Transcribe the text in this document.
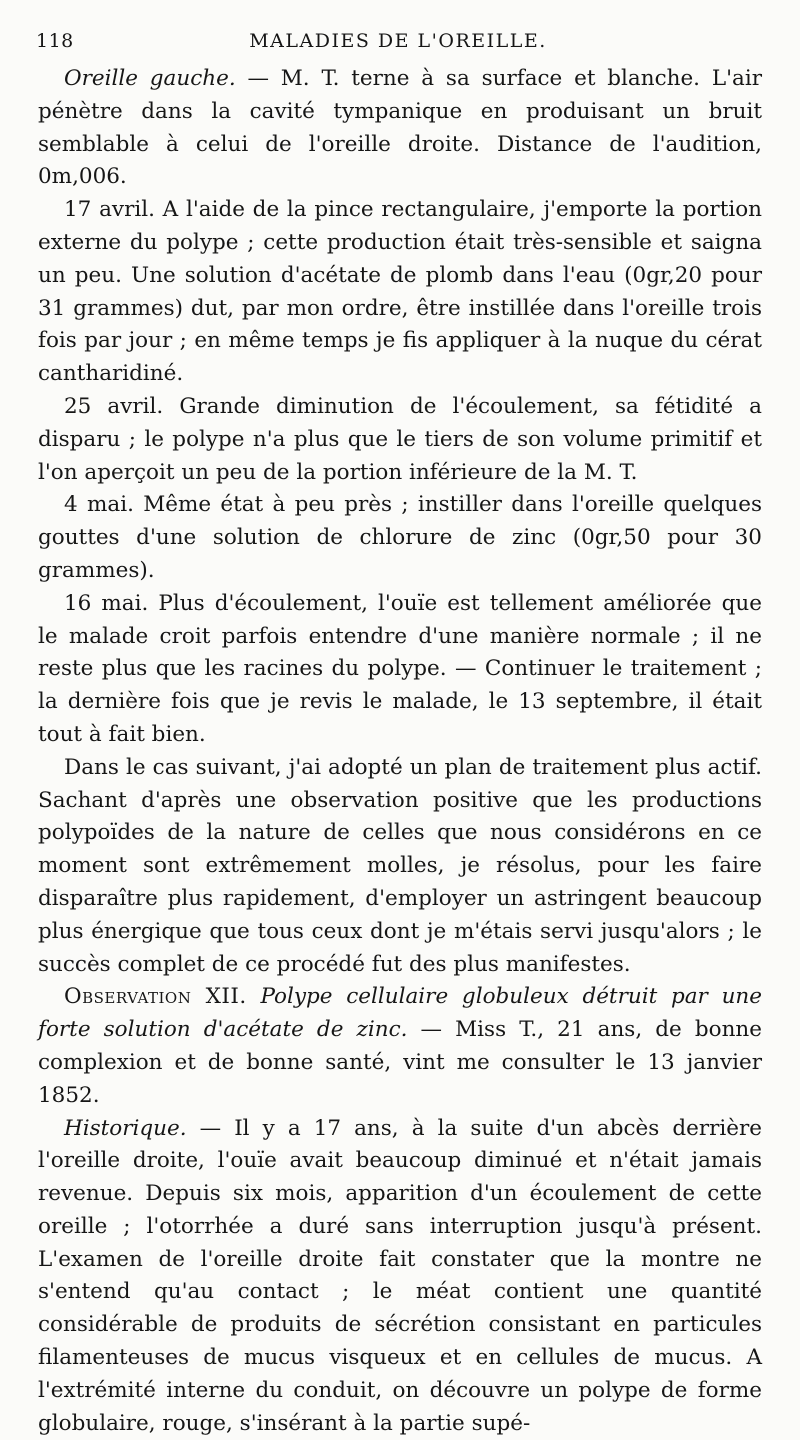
118	MALADIES DE L'OREILLE.

Oreille gauche. — M. T. terne à sa surface et blanche. L'air pénètre dans la cavité tympanique en produisant un bruit semblable à celui de l'oreille droite. Distance de l'audition, 0m,006.

17 avril. A l'aide de la pince rectangulaire, j'emporte la portion externe du polype ; cette production était très-sensible et saigna un peu. Une solution d'acétate de plomb dans l'eau (0gr,20 pour 31 grammes) dut, par mon ordre, être instillée dans l'oreille trois fois par jour ; en même temps je fis appliquer à la nuque du cérat cantharidiné.

25 avril. Grande diminution de l'écoulement, sa fétidité a disparu ; le polype n'a plus que le tiers de son volume primitif et l'on aperçoit un peu de la portion inférieure de la M. T.

4 mai. Même état à peu près ; instiller dans l'oreille quelques gouttes d'une solution de chlorure de zinc (0gr,50 pour 30 grammes).

16 mai. Plus d'écoulement, l'ouïe est tellement améliorée que le malade croit parfois entendre d'une manière normale ; il ne reste plus que les racines du polype. — Continuer le traitement ; la dernière fois que je revis le malade, le 13 septembre, il était tout à fait bien.

Dans le cas suivant, j'ai adopté un plan de traitement plus actif. Sachant d'après une observation positive que les productions polypoïdes de la nature de celles que nous considérons en ce moment sont extrêmement molles, je résolus, pour les faire disparaître plus rapidement, d'employer un astringent beaucoup plus énergique que tous ceux dont je m'étais servi jusqu'alors ; le succès complet de ce procédé fut des plus manifestes.

Observation XII. Polype cellulaire globuleux détruit par une forte solution d'acétate de zinc. — Miss T., 21 ans, de bonne complexion et de bonne santé, vint me consulter le 13 janvier 1852.

Historique. — Il y a 17 ans, à la suite d'un abcès derrière l'oreille droite, l'ouïe avait beaucoup diminué et n'était jamais revenue. Depuis six mois, apparition d'un écoulement de cette oreille ; l'otorrhée a duré sans interruption jusqu'à présent. L'examen de l'oreille droite fait constater que la montre ne s'entend qu'au contact ; le méat contient une quantité considérable de produits de sécrétion consistant en particules filamenteuses de mucus visqueux et en cellules de mucus. A l'extrémité interne du conduit, on découvre un polype de forme globulaire, rouge, s'insérant à la partie supé-
